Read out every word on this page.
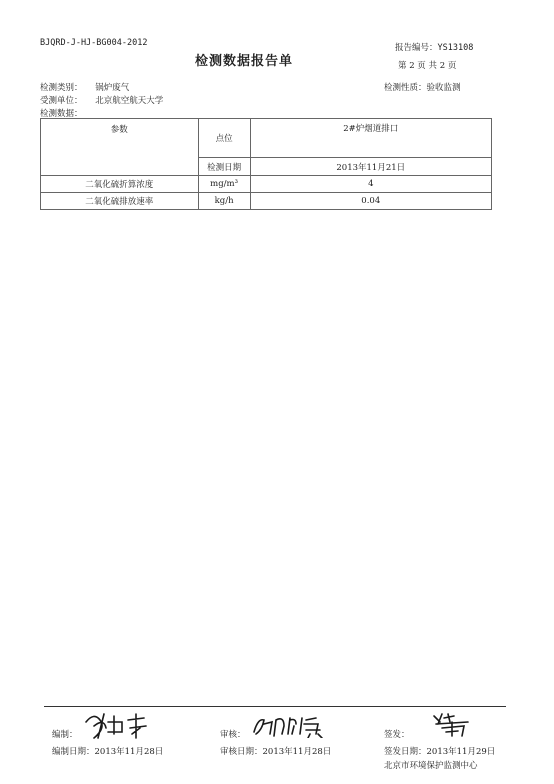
BJQRD-J-HJ-BG004-2012
检测数据报告单
报告编号：YS13108
第 2 页 共 2 页
检测类别： 锅炉废气
受测单位： 北京航空航天大学
检测数据：
检测性质：验收监测
参数	点位	2#炉烟道排口
	检测日期	2013年11月21日
二氧化硫折算浓度	mg/m³	4
二氧化硫排放速率	kg/h	0.04
编制：
编制日期：2013年11月28日
审核：
审核日期：2013年11月28日
签发：
签发日期：2013年11月29日
北京市环境保护监测中心
